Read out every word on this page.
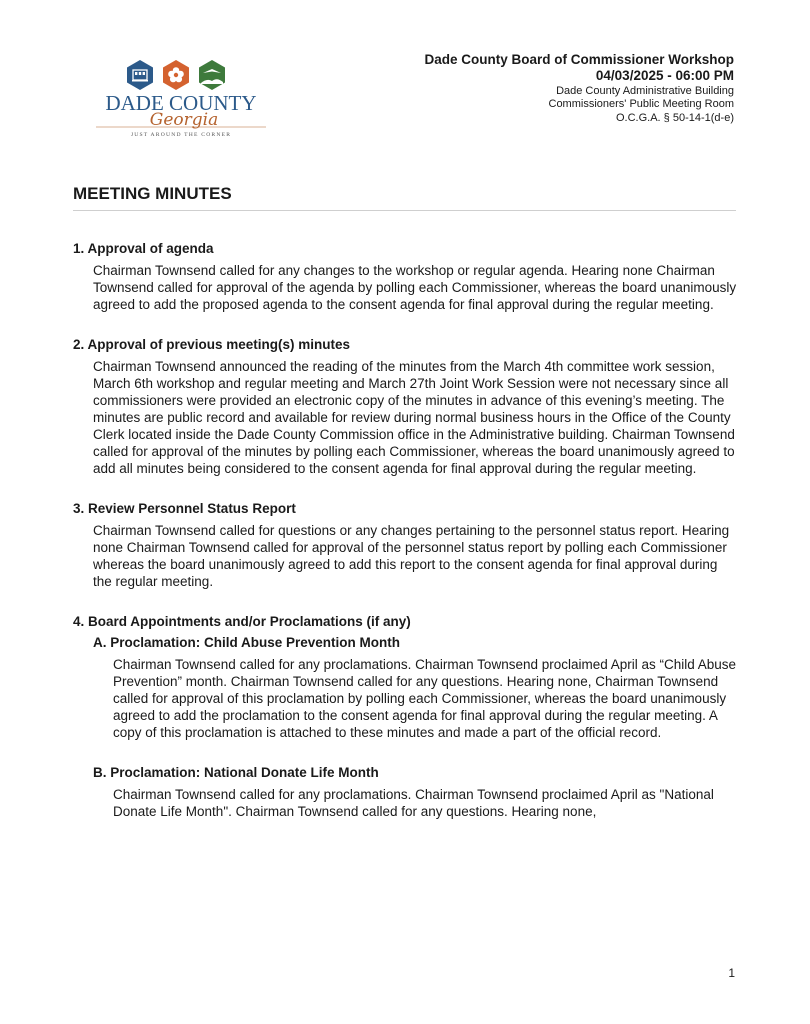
DADE COUNTY
Georgia
JUST AROUND THE CORNER
Dade County Board of Commissioner Workshop
04/03/2025 - 06:00 PM
Dade County Administrative Building
Commissioners' Public Meeting Room
O.C.G.A. § 50-14-1(d-e)
MEETING MINUTES
1. Approval of agenda

Chairman Townsend called for any changes to the workshop or regular agenda. Hearing none Chairman Townsend called for approval of the agenda by polling each Commissioner, whereas the board unanimously agreed to add the proposed agenda to the consent agenda for final approval during the regular meeting.

2. Approval of previous meeting(s) minutes

Chairman Townsend announced the reading of the minutes from the March 4th committee work session, March 6th workshop and regular meeting and March 27th Joint Work Session were not necessary since all commissioners were provided an electronic copy of the minutes in advance of this evening’s meeting. The minutes are public record and available for review during normal business hours in the Office of the County Clerk located inside the Dade County Commission office in the Administrative building. Chairman Townsend called for approval of the minutes by polling each Commissioner, whereas the board unanimously agreed to add all minutes being considered to the consent agenda for final approval during the regular meeting.

3. Review Personnel Status Report

Chairman Townsend called for questions or any changes pertaining to the personnel status report. Hearing none Chairman Townsend called for approval of the personnel status report by polling each Commissioner whereas the board unanimously agreed to add this report to the consent agenda for final approval during the regular meeting.

4. Board Appointments and/or Proclamations (if any)
A. Proclamation: Child Abuse Prevention Month

Chairman Townsend called for any proclamations. Chairman Townsend proclaimed April as “Child Abuse Prevention” month. Chairman Townsend called for any questions. Hearing none, Chairman Townsend called for approval of this proclamation by polling each Commissioner, whereas the board unanimously agreed to add the proclamation to the consent agenda for final approval during the regular meeting. A copy of this proclamation is attached to these minutes and made a part of the official record.

B. Proclamation: National Donate Life Month

Chairman Townsend called for any proclamations. Chairman Townsend proclaimed April as "National Donate Life Month". Chairman Townsend called for any questions. Hearing none,

1
